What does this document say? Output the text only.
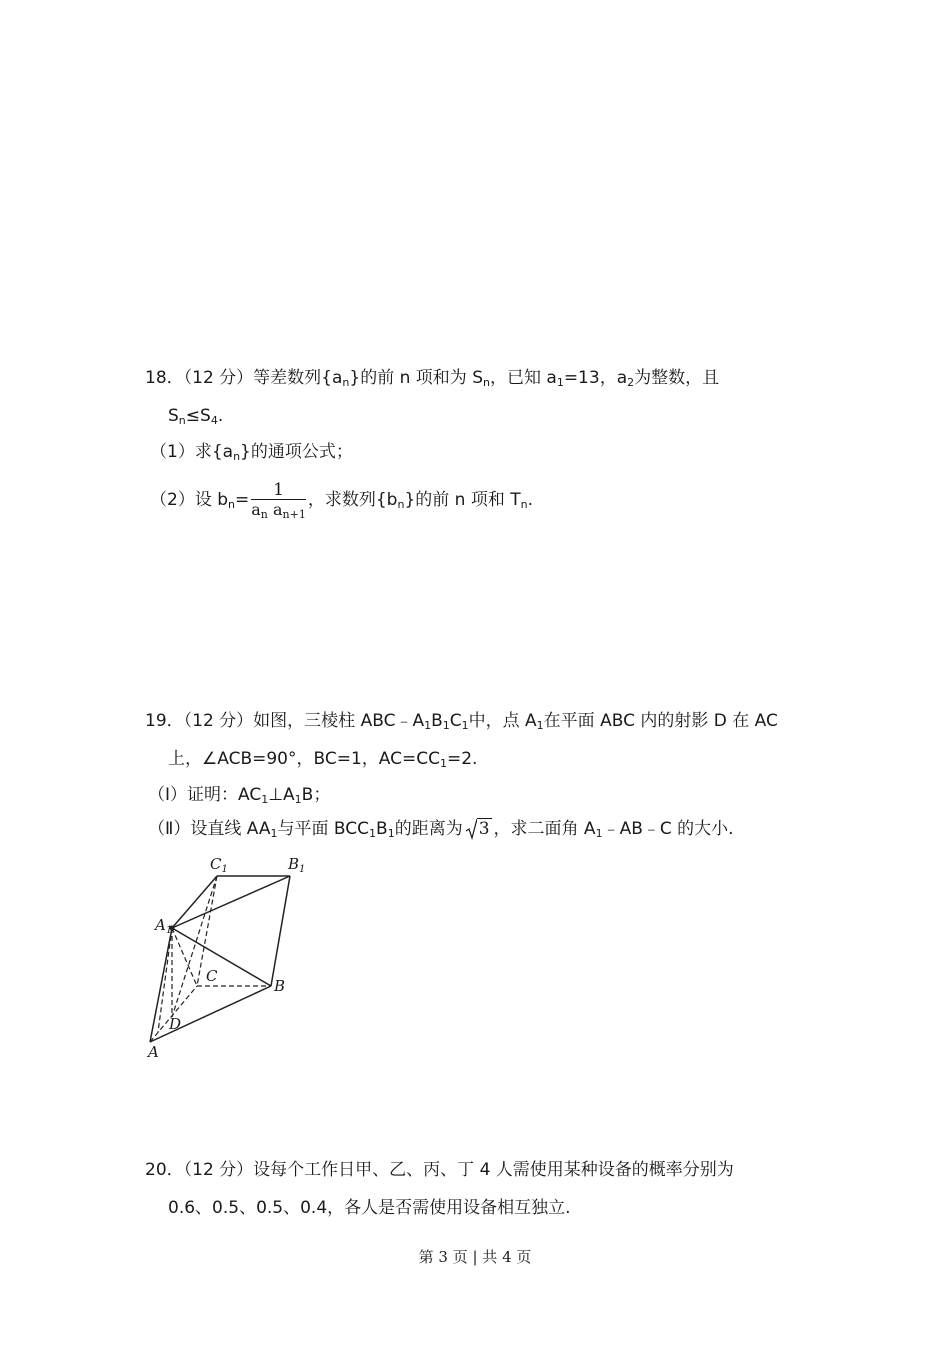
18．（12 分）等差数列$\{a_n\}$的前 n 项和为 $S_n$，已知 $a_1=13$，$a_2$为整数，且
$S_n\le S_4$.
（1）求$\{a_n\}$的通项公式；
（2）设 $b_n= \frac{1}{a_n a_{n+1}}$ ，求数列$\{b_n\}$的前 n 项和 $T_n$.
19．（12 分）如图，三棱柱 $ABC﹣A_1B_1C_1$中，点 $A_1$在平面 ABC 内的射影 D 在 AC
上，∠ACB=90°，BC=1，$AC=CC_1=2$.
（Ⅰ）证明：$AC_1\perp A_1B$；
（Ⅱ）设直线 $AA_1$与平面 $BCC_1B_1$的距离为 3 ，求二面角 $A_1﹣AB﹣C$ 的大小.
$C_1$	$B_1$
$A_1$
C
B
D
A
20．（12 分）设每个工作日甲、乙、丙、丁 4 人需使用某种设备的概率分别为
0.6、0.5、0.5、0.4，各人是否需使用设备相互独立.
第 3 页 | 共 4 页
